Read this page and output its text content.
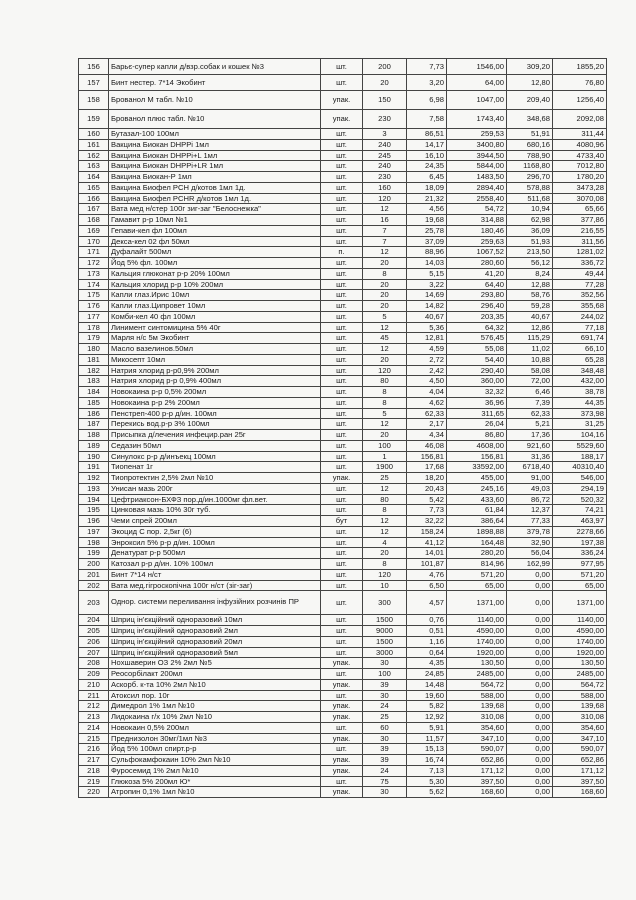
156	Барьє-супер капли д/взр.собак и кошек №3	шт.	200	7,73	1546,00	309,20	1855,20
157	Бинт нестер. 7*14 Экобинт	шт.	20	3,20	64,00	12,80	76,80
158	Брованол М табл. №10	упак.	150	6,98	1047,00	209,40	1256,40
159	Брованол плюс табл. №10	упак.	230	7,58	1743,40	348,68	2092,08
160	Бутазал-100 100мл	шт.	3	86,51	259,53	51,91	311,44
161	Вакцина Биокан DHPPi 1мл	шт.	240	14,17	3400,80	680,16	4080,96
162	Вакцина Биокан DHPPi+L 1мл	шт.	245	16,10	3944,50	788,90	4733,40
163	Вакцина Биокан DHPPi+LR 1мл	шт.	240	24,35	5844,00	1168,80	7012,80
164	Вакцина Биокан-Р 1мл	шт.	230	6,45	1483,50	296,70	1780,20
165	Вакцина Биофел PCH д/котов 1мл 1д.	шт.	160	18,09	2894,40	578,88	3473,28
166	Вакцина Биофел PCHR д/котов 1мл 1д.	шт.	120	21,32	2558,40	511,68	3070,08
167	Вата мед н/стер 100г зиг-заг "Белоснежка"	шт.	12	4,56	54,72	10,94	65,66
168	Гамавит р-р 10мл №1	шт.	16	19,68	314,88	62,98	377,86
169	Гепави-кел фл 100мл	шт.	7	25,78	180,46	36,09	216,55
170	Декса-кел 02 фл 50мл	шт.	7	37,09	259,63	51,93	311,56
171	Дуфалайт 500мл	п.	12	88,96	1067,52	213,50	1281,02
172	Йод 5% фл. 100мл	шт.	20	14,03	280,60	56,12	336,72
173	Кальция глюконат р-р 20% 100мл	шт.	8	5,15	41,20	8,24	49,44
174	Кальция хлорид р-р 10% 200мл	шт.	20	3,22	64,40	12,88	77,28
175	Капли глаз.Ирис 10мл	шт.	20	14,69	293,80	58,76	352,56
176	Капли глаз.Ципровет 10мл	шт.	20	14,82	296,40	59,28	355,68
177	Комби-кел 40 фл 100мл	шт.	5	40,67	203,35	40,67	244,02
178	Линимент синтомицина 5% 40г	шт.	12	5,36	64,32	12,86	77,18
179	Марля н/с 5м Экобинт	шт.	45	12,81	576,45	115,29	691,74
180	Масло вазелинов.50мл	шт.	12	4,59	55,08	11,02	66,10
181	Микосепт 10мл	шт.	20	2,72	54,40	10,88	65,28
182	Натрия хлорид р-р0,9% 200мл	шт.	120	2,42	290,40	58,08	348,48
183	Натрия хлорид р-р 0,9% 400мл	шт.	80	4,50	360,00	72,00	432,00
184	Новокаина р-р 0,5% 200мл	шт.	8	4,04	32,32	6,46	38,78
185	Новокаина р-р 2% 200мл	шт.	8	4,62	36,96	7,39	44,35
186	Пенстреп-400 р-р д/ин. 100мл	шт.	5	62,33	311,65	62,33	373,98
187	Перекись вод.р-р 3% 100мл	шт.	12	2,17	26,04	5,21	31,25
188	Присыпка д/лечения инфецир.ран 25г	шт.	20	4,34	86,80	17,36	104,16
189	Седазин 50мл	шт.	100	46,08	4608,00	921,60	5529,60
190	Синулокс р-р д/инъекц 100мл	шт.	1	156,81	156,81	31,36	188,17
191	Тиопенат 1г	шт.	1900	17,68	33592,00	6718,40	40310,40
192	Тиопротектин 2,5% 2мл №10	упак.	25	18,20	455,00	91,00	546,00
193	Унисан мазь 200г	шт.	12	20,43	245,16	49,03	294,19
194	Цефтриаксон-БХФЗ пор.д/ин.1000мг фл.вет.	шт.	80	5,42	433,60	86,72	520,32
195	Цинковая мазь 10% 30г туб.	шт.	8	7,73	61,84	12,37	74,21
196	Чеми спрей 200мл	бут	12	32,22	386,64	77,33	463,97
197	Экоцид С пор. 2,5кг (6)	шт.	12	158,24	1898,88	379,78	2278,66
198	Энроксил 5% р-р д/ин. 100мл	шт.	4	41,12	164,48	32,90	197,38
199	Денатурат р-р 500мл	шт.	20	14,01	280,20	56,04	336,24
200	Катозал р-р д/ин. 10% 100мл	шт.	8	101,87	814,96	162,99	977,95
201	Бинт 7*14 н/ст	шт.	120	4,76	571,20	0,00	571,20
202	Вата мед.гігроскопічна 100г н/ст (зіг-заг)	шт.	10	6,50	65,00	0,00	65,00
203	Однор. системи переливання інфузійних розчинів ПР	шт.	300	4,57	1371,00	0,00	1371,00
204	Шприц ін'єкційний одноразовий 10мл	шт.	1500	0,76	1140,00	0,00	1140,00
205	Шприц ін'єкційний одноразовий 2мл	шт.	9000	0,51	4590,00	0,00	4590,00
206	Шприц ін'єкційний одноразовий 20мл	шт.	1500	1,16	1740,00	0,00	1740,00
207	Шприц ін'єкційний одноразовий 5мл	шт.	3000	0,64	1920,00	0,00	1920,00
208	Ноxшаверин ОЗ 2% 2мл №5	упак.	30	4,35	130,50	0,00	130,50
209	Реосорбілакт 200мл	шт.	100	24,85	2485,00	0,00	2485,00
210	Аскорб. к-та 10% 2мл №10	упак.	39	14,48	564,72	0,00	564,72
211	Атоксил пор. 10г	шт.	30	19,60	588,00	0,00	588,00
212	Димедрол 1% 1мл №10	упак.	24	5,82	139,68	0,00	139,68
213	Лидокаина г/х 10% 2мл №10	упак.	25	12,92	310,08	0,00	310,08
214	Новокаин 0,5% 200мл	шт.	60	5,91	354,60	0,00	354,60
215	Преднизолон 30мг/1мл №3	упак.	30	11,57	347,10	0,00	347,10
216	Йод 5% 100мл спирт.р-р	шт.	39	15,13	590,07	0,00	590,07
217	Сульфокамфокаин 10% 2мл №10	упак.	39	16,74	652,86	0,00	652,86
218	Фуросемид 1% 2мл №10	упак.	24	7,13	171,12	0,00	171,12
219	Глюкоза 5% 200мл Ю*	шт.	75	5,30	397,50	0,00	397,50
220	Атропин 0,1% 1мл №10	упак.	30	5,62	168,60	0,00	168,60
